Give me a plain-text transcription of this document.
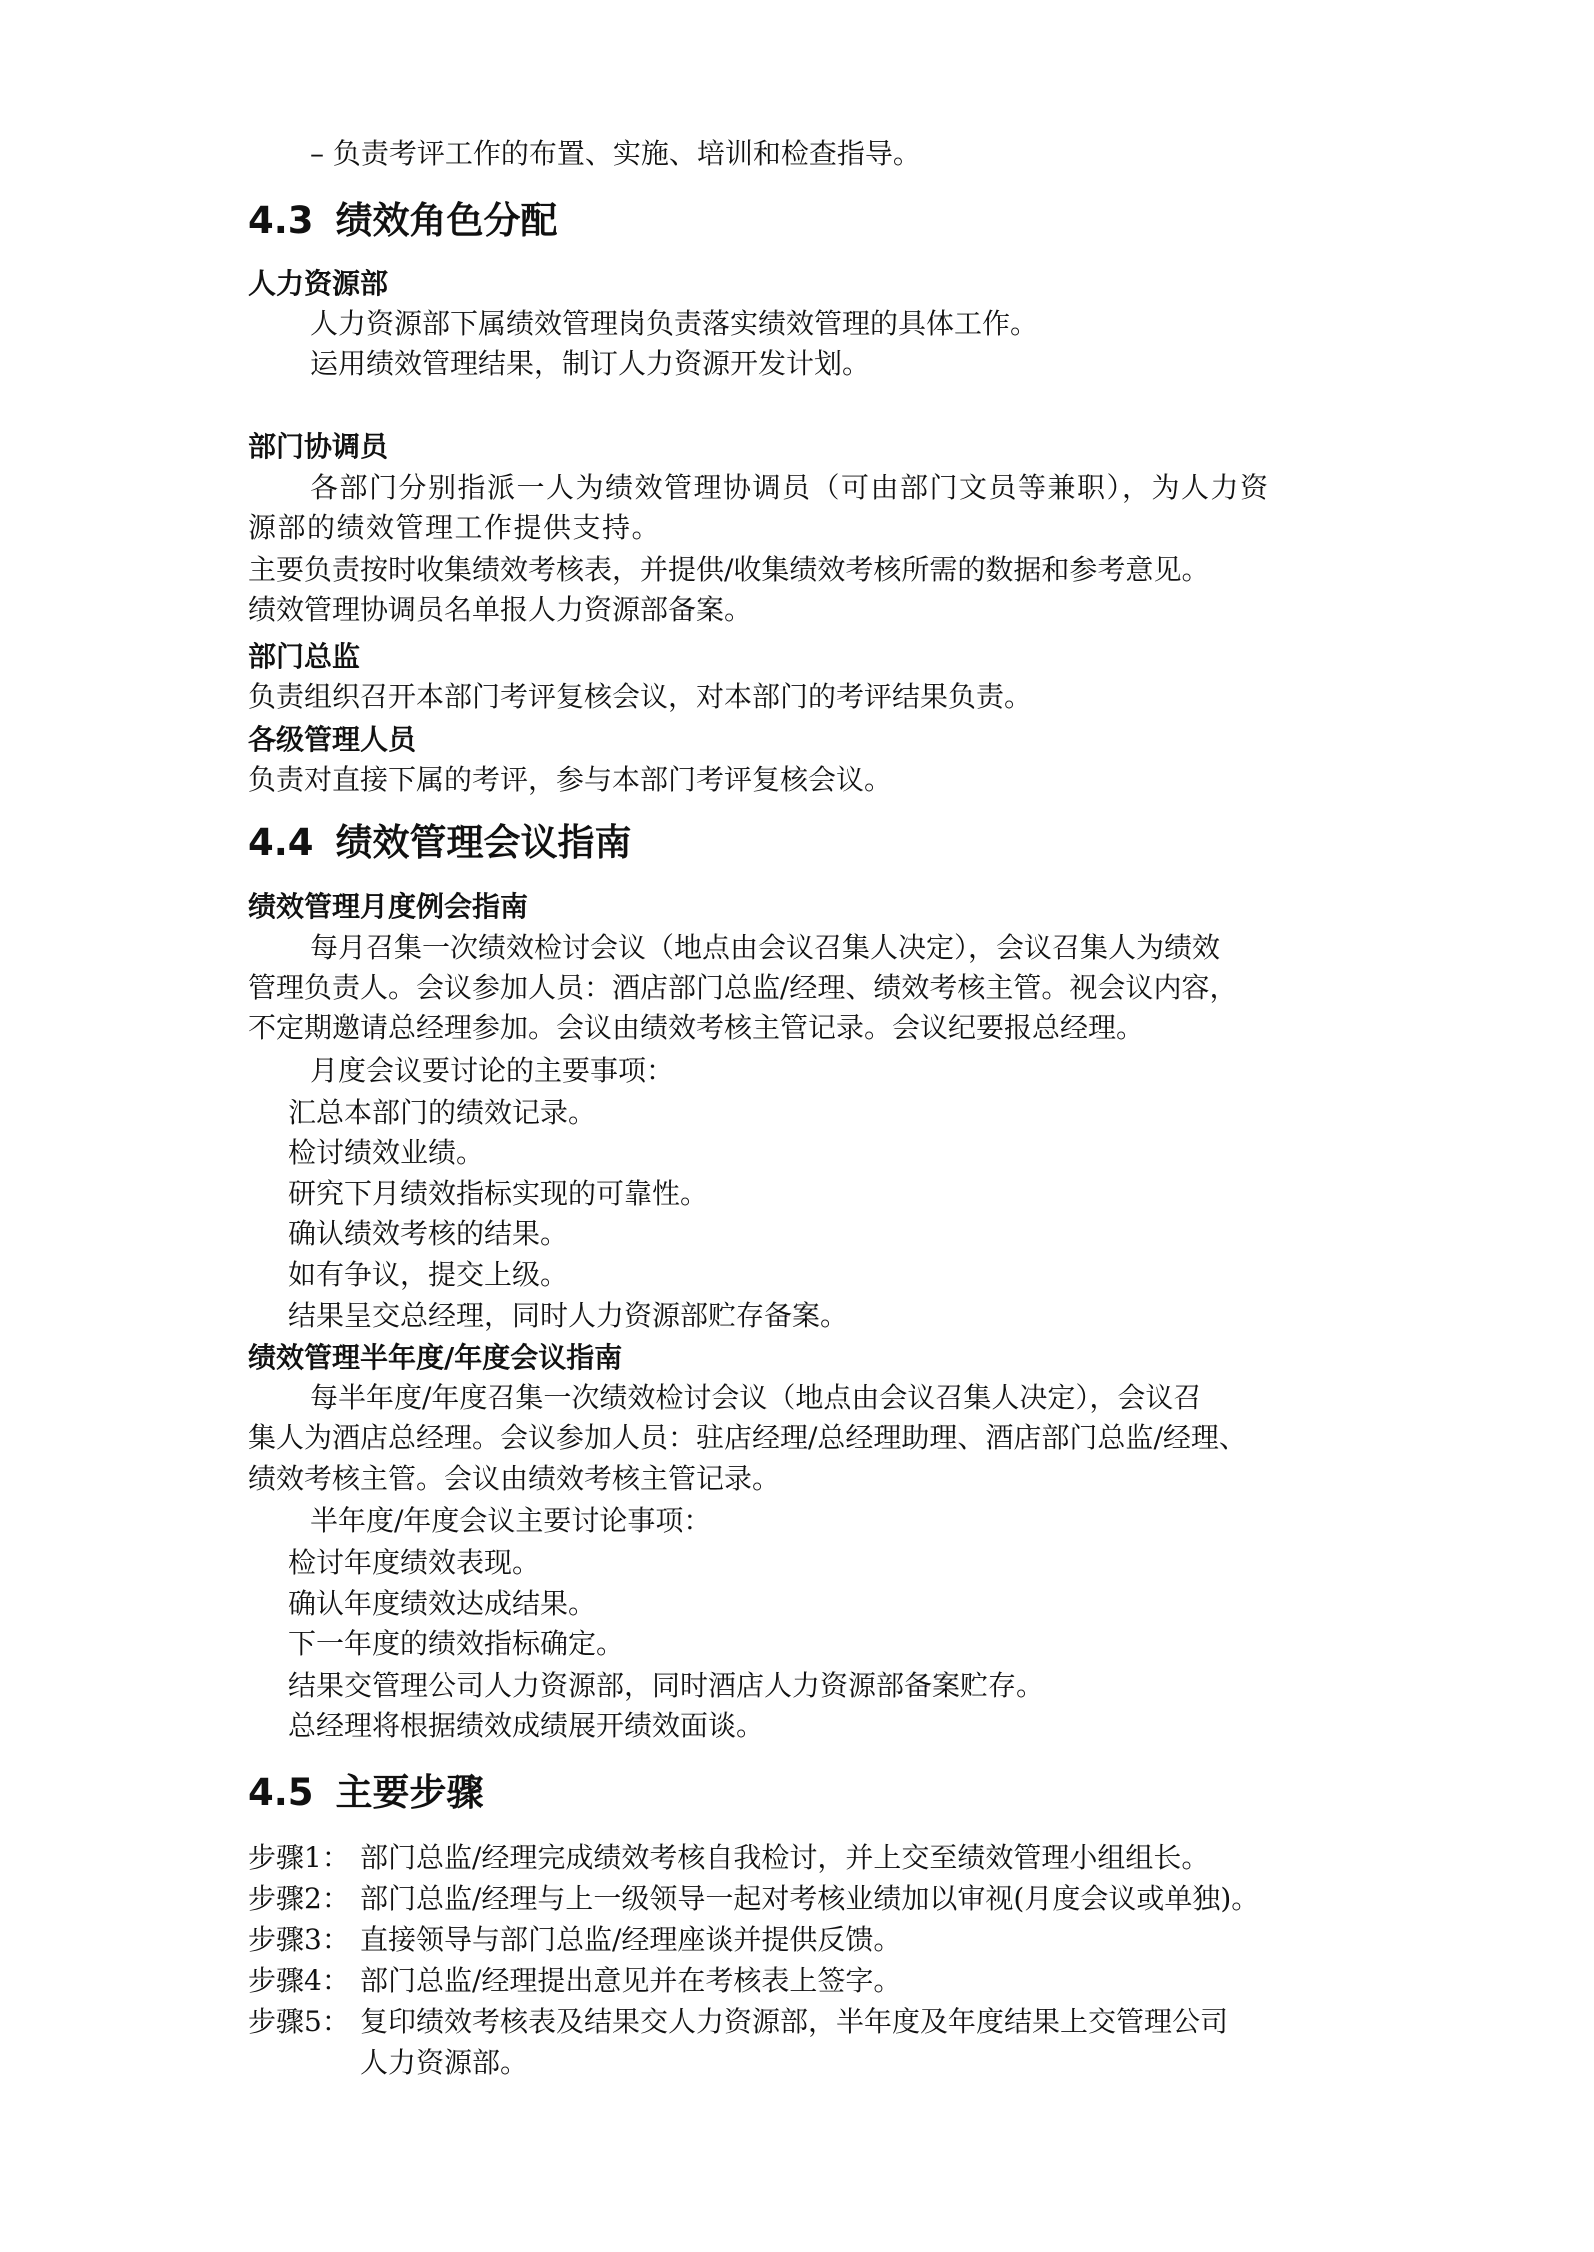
– 负责考评工作的布置、实施、培训和检查指导。
4.3 绩效角色分配
人力资源部
人力资源部下属绩效管理岗负责落实绩效管理的具体工作。
运用绩效管理结果，制订人力资源开发计划。
部门协调员
各部门分别指派一人为绩效管理协调员（可由部门文员等兼职），为人力资
源部的绩效管理工作提供支持。
主要负责按时收集绩效考核表，并提供/收集绩效考核所需的数据和参考意见。
绩效管理协调员名单报人力资源部备案。
部门总监
负责组织召开本部门考评复核会议，对本部门的考评结果负责。
各级管理人员
负责对直接下属的考评，参与本部门考评复核会议。
4.4 绩效管理会议指南
绩效管理月度例会指南
每月召集一次绩效检讨会议（地点由会议召集人决定），会议召集人为绩效
管理负责人。会议参加人员：酒店部门总监/经理、绩效考核主管。视会议内容，
不定期邀请总经理参加。会议由绩效考核主管记录。会议纪要报总经理。
月度会议要讨论的主要事项：
汇总本部门的绩效记录。
检讨绩效业绩。
研究下月绩效指标实现的可靠性。
确认绩效考核的结果。
如有争议，提交上级。
结果呈交总经理，同时人力资源部贮存备案。
绩效管理半年度/年度会议指南
每半年度/年度召集一次绩效检讨会议（地点由会议召集人决定），会议召
集人为酒店总经理。会议参加人员：驻店经理/总经理助理、酒店部门总监/经理、
绩效考核主管。会议由绩效考核主管记录。
半年度/年度会议主要讨论事项：
检讨年度绩效表现。
确认年度绩效达成结果。
下一年度的绩效指标确定。
结果交管理公司人力资源部，同时酒店人力资源部备案贮存。
总经理将根据绩效成绩展开绩效面谈。
4.5 主要步骤
步骤1： 部门总监/经理完成绩效考核自我检讨，并上交至绩效管理小组组长。
步骤2： 部门总监/经理与上一级领导一起对考核业绩加以审视(月度会议或单独)。
步骤3： 直接领导与部门总监/经理座谈并提供反馈。
步骤4： 部门总监/经理提出意见并在考核表上签字。
步骤5： 复印绩效考核表及结果交人力资源部，半年度及年度结果上交管理公司
人力资源部。
